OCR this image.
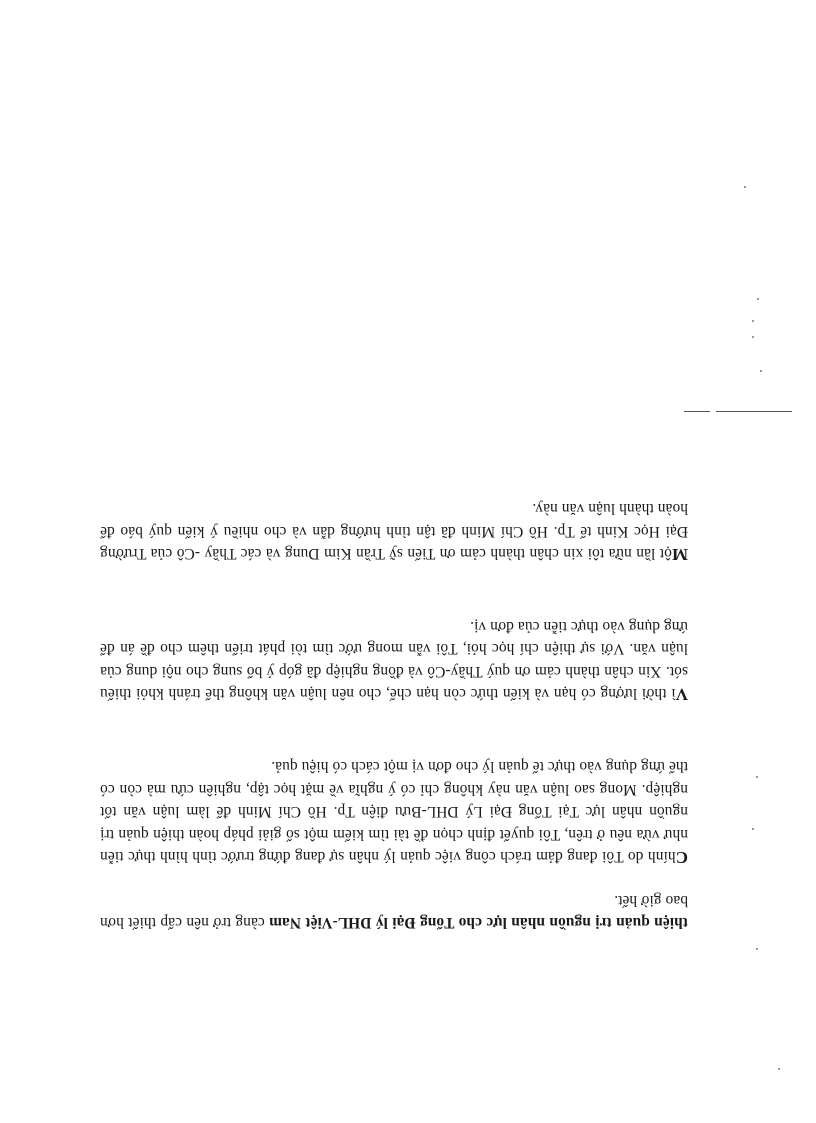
thiện quản trị nguồn nhân lực cho Tổng Đại lý DHL-Việt Nam càng trở nên cấp thiết hơn bao giờ hết.

Chính do Tôi đang đảm trách công việc quản lý nhân sự đang đứng trước tình hình thực tiễn như vừa nêu ở trên, Tôi quyết định chọn đề tài tìm kiếm một số giải pháp hoàn thiện quản trị nguồn nhân lực Tại Tổng Đại Lý DHL-Bưu điện Tp. Hồ Chí Minh để làm luận văn tốt nghiệp. Mong sao luận văn này không chỉ có ý nghĩa về mặt học tập, nghiên cứu mà còn có thể ứng dụng vào thực tế quản lý cho đơn vị một cách có hiệu quả.

Vì thời lượng có hạn và kiến thức còn hạn chế, cho nên luận văn không thể tránh khỏi thiếu sót. Xin chân thành cảm ơn quý Thầy-Cô và đồng nghiệp đã góp ý bổ sung cho nội dung của luận văn. Với sự thiện chí học hỏi, Tôi vẫn mong ước tìm tòi phát triển thêm cho đề án để ứng dụng vào thực tiễn của đơn vị.

Một lần nữa tôi xin chân thành cảm ơn Tiến sỹ Trần Kim Dung và các Thầy -Cô của Trường Đại Học Kinh tế Tp. Hồ Chí Minh đã tận tình hướng dẫn và cho nhiều ý kiến quý báo để hoàn thành luận văn này.
